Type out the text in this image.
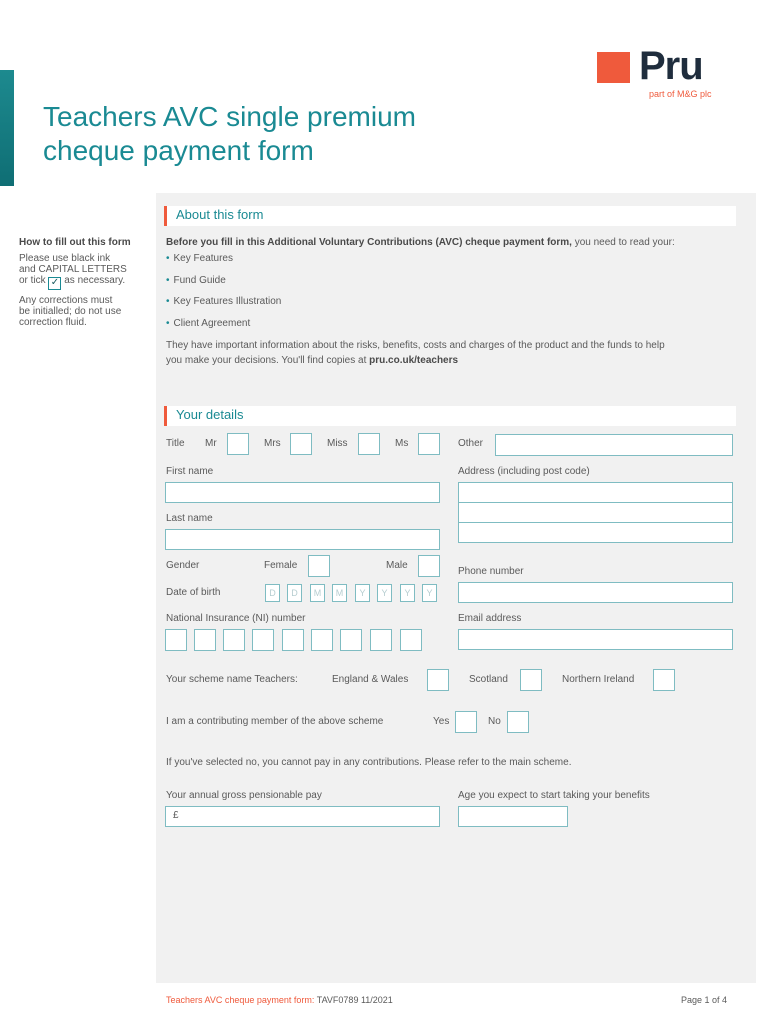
Pru
part of M&G plc
Teachers AVC single premium
cheque payment form
How to fill out this form
Please use black ink
and CAPITAL LETTERS
or tick ✓ as necessary.
Any corrections must
be initialled; do not use
correction fluid.
About this form
Before you fill in this Additional Voluntary Contributions (AVC) cheque payment form, you need to read your:
• Key Features
• Fund Guide
• Key Features Illustration
• Client Agreement
They have important information about the risks, benefits, costs and charges of the product and the funds to help
you make your decisions. You'll find copies at pru.co.uk/teachers
Your details
Title Mr	Mrs	Miss	Ms	Other
First name	Address (including post code)
Last name
Gender	Female	Male
Phone number
Date of birth	D	D	M	M	Y	Y	Y	Y
National Insurance (NI) number	Email address
Your scheme name Teachers:	England & Wales	Scotland	Northern Ireland
I am a contributing member of the above scheme	Yes	No
If you've selected no, you cannot pay in any contributions. Please refer to the main scheme.
Your annual gross pensionable pay
£
Age you expect to start taking your benefits
Teachers AVC cheque payment form: TAVF0789 11/2021	Page 1 of 4
